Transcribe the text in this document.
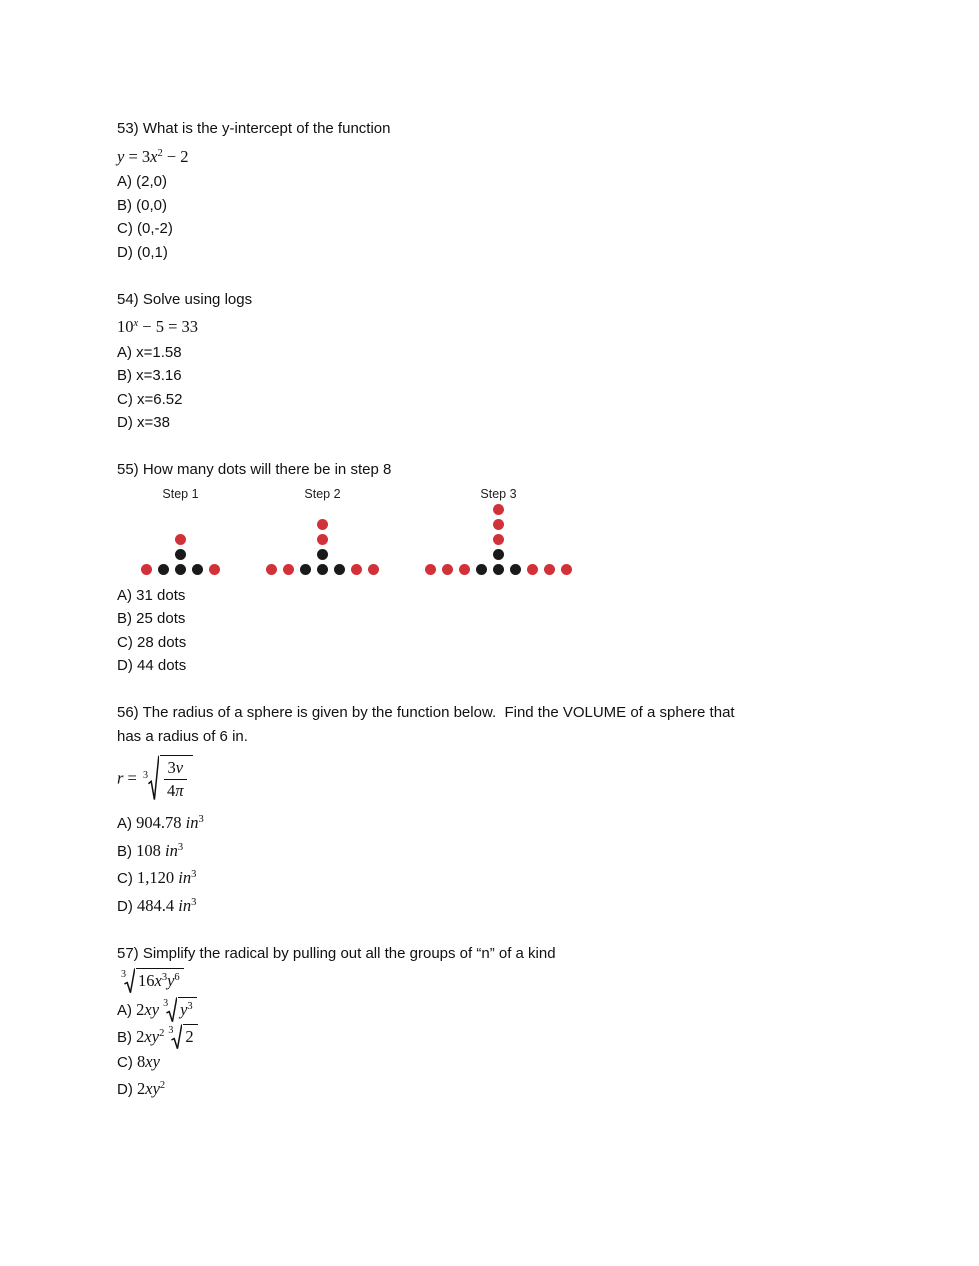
53) What is the y-intercept of the function

$y = 3x^2 - 2$

A) (2,0)

B) (0,0)

C) (0,-2)

D) (0,1)

54) Solve using logs

$10^x - 5 = 33$

A) x=1.58

B) x=3.16

C) x=6.52

D) x=38

55) How many dots will there be in step 8

Step 1	Step 2	Step 3

A) 31 dots

B) 25 dots

C) 28 dots

D) 44 dots

56) The radius of a sphere is given by the function below.  Find the VOLUME of a sphere that

has a radius of 6 in.

$r = 3 \frac{3v}{4\pi}$

A) 904.78 $in^3$

B) 108 $in^3$

C) 1,120 $in^3$

D) 484.4 $in^3$

57) Simplify the radical by pulling out all the groups of “n” of a kind

3 $16x^3y^6$

A) 2xy 3 $y^3$

B) $2xy^2$ 3 2

C) 8xy

D) $2xy^2$
